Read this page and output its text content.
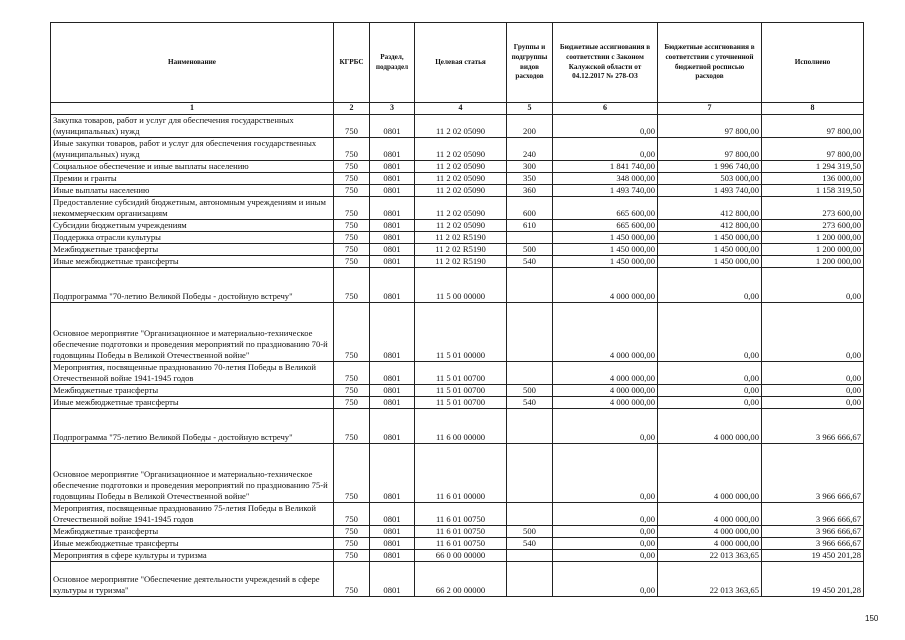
Наименование	КГРБС	Раздел, подраздел	Целевая статья	Группы и подгруппы видов расходов	Бюджетные ассигнования в соответствии с Законом Калужской области от 04.12.2017 № 278-ОЗ	Бюджетные ассигнования в соответствии с уточненной бюджетной росписью расходов	Исполнено
1	2	3	4	5	6	7	8
Закупка товаров, работ и услуг для обеспечения государственных (муниципальных) нужд	750	0801	11 2 02 05090	200	0,00	97 800,00	97 800,00
Иные закупки товаров, работ и услуг для обеспечения государственных (муниципальных) нужд	750	0801	11 2 02 05090	240	0,00	97 800,00	97 800,00
Социальное обеспечение и иные выплаты населению	750	0801	11 2 02 05090	300	1 841 740,00	1 996 740,00	1 294 319,50
Премии и гранты	750	0801	11 2 02 05090	350	348 000,00	503 000,00	136 000,00
Иные выплаты населению	750	0801	11 2 02 05090	360	1 493 740,00	1 493 740,00	1 158 319,50
Предоставление субсидий бюджетным, автономным учреждениям и иным некоммерческим организациям	750	0801	11 2 02 05090	600	665 600,00	412 800,00	273 600,00
Субсидии бюджетным учреждениям	750	0801	11 2 02 05090	610	665 600,00	412 800,00	273 600,00
Поддержка отрасли культуры	750	0801	11 2 02 R5190		1 450 000,00	1 450 000,00	1 200 000,00
Межбюджетные трансферты	750	0801	11 2 02 R5190	500	1 450 000,00	1 450 000,00	1 200 000,00
Иные межбюджетные трансферты	750	0801	11 2 02 R5190	540	1 450 000,00	1 450 000,00	1 200 000,00
Подпрограмма "70-летию Великой Победы - достойную встречу"	750	0801	11 5 00 00000		4 000 000,00	0,00	0,00
Основное мероприятие "Организационное и материально-техническое обеспечение подготовки и проведения мероприятий по празднованию 70-й годовщины Победы в Великой Отечественной войне"	750	0801	11 5 01 00000		4 000 000,00	0,00	0,00
Мероприятия, посвященные празднованию 70-летия Победы в Великой Отечественной войне 1941-1945 годов	750	0801	11 5 01 00700		4 000 000,00	0,00	0,00
Межбюджетные трансферты	750	0801	11 5 01 00700	500	4 000 000,00	0,00	0,00
Иные межбюджетные трансферты	750	0801	11 5 01 00700	540	4 000 000,00	0,00	0,00
Подпрограмма "75-летию Великой Победы - достойную встречу"	750	0801	11 6 00 00000		0,00	4 000 000,00	3 966 666,67
Основное мероприятие "Организационное и материально-техническое обеспечение подготовки и проведения мероприятий по празднованию 75-й годовщины Победы в Великой Отечественной войне"	750	0801	11 6 01 00000		0,00	4 000 000,00	3 966 666,67
Мероприятия, посвященные празднованию 75-летия Победы в Великой Отечественной войне 1941-1945 годов	750	0801	11 6 01 00750		0,00	4 000 000,00	3 966 666,67
Межбюджетные трансферты	750	0801	11 6 01 00750	500	0,00	4 000 000,00	3 966 666,67
Иные межбюджетные трансферты	750	0801	11 6 01 00750	540	0,00	4 000 000,00	3 966 666,67
Мероприятия в сфере культуры и туризма	750	0801	66 0 00 00000		0,00	22 013 363,65	19 450 201,28
Основное мероприятие "Обеспечение деятельности учреждений в сфере культуры и туризма"	750	0801	66 2 00 00000		0,00	22 013 363,65	19 450 201,28
150
